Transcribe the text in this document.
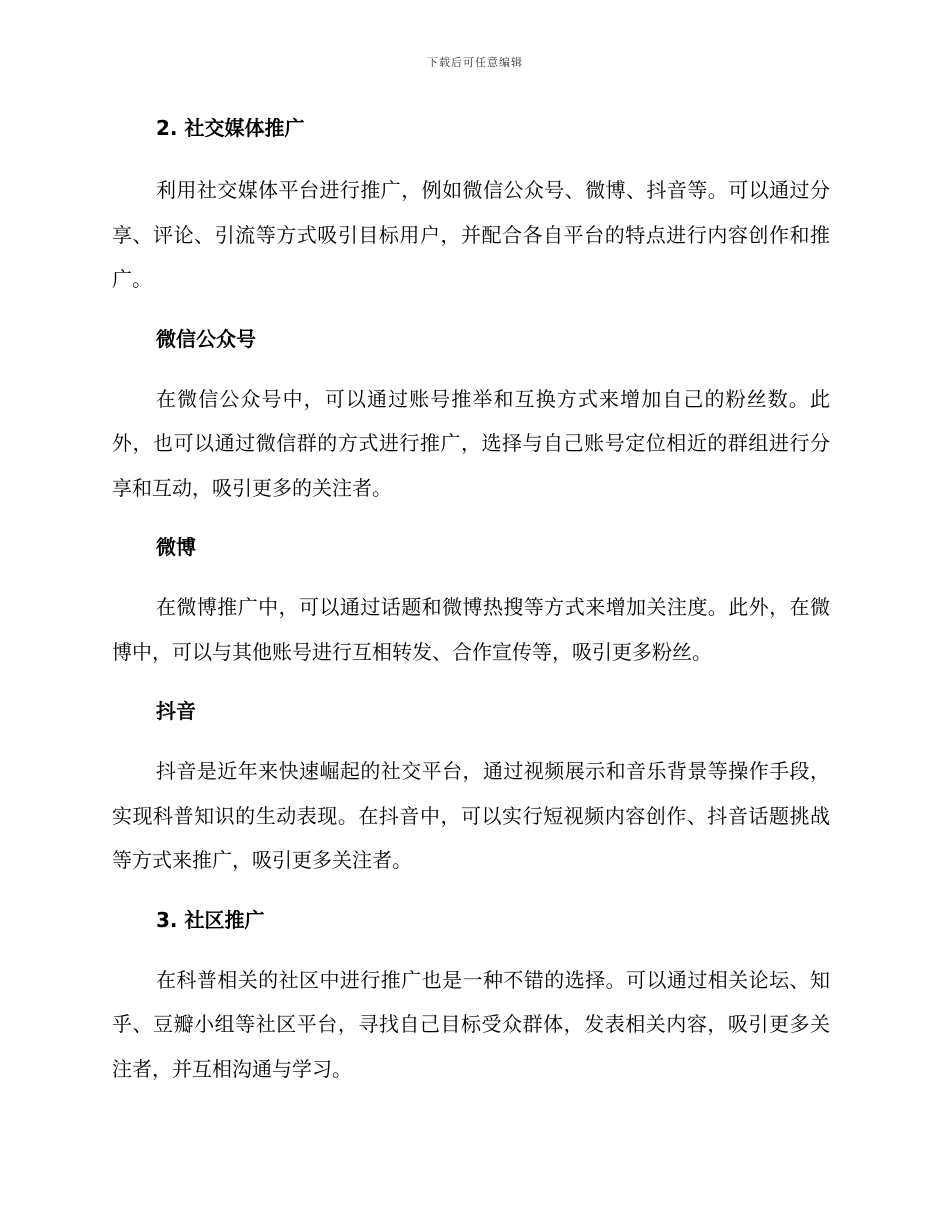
下载后可任意编辑
2. 社交媒体推广

利用社交媒体平台进行推广，例如微信公众号、微博、抖音等。可以通过分享、评论、引流等方式吸引目标用户，并配合各自平台的特点进行内容创作和推广。

微信公众号

在微信公众号中，可以通过账号推举和互换方式来增加自己的粉丝数。此外，也可以通过微信群的方式进行推广，选择与自己账号定位相近的群组进行分享和互动，吸引更多的关注者。

微博

在微博推广中，可以通过话题和微博热搜等方式来增加关注度。此外，在微博中，可以与其他账号进行互相转发、合作宣传等，吸引更多粉丝。

抖音

抖音是近年来快速崛起的社交平台，通过视频展示和音乐背景等操作手段，实现科普知识的生动表现。在抖音中，可以实行短视频内容创作、抖音话题挑战等方式来推广，吸引更多关注者。

3. 社区推广

在科普相关的社区中进行推广也是一种不错的选择。可以通过相关论坛、知乎、豆瓣小组等社区平台，寻找自己目标受众群体，发表相关内容，吸引更多关注者，并互相沟通与学习。
